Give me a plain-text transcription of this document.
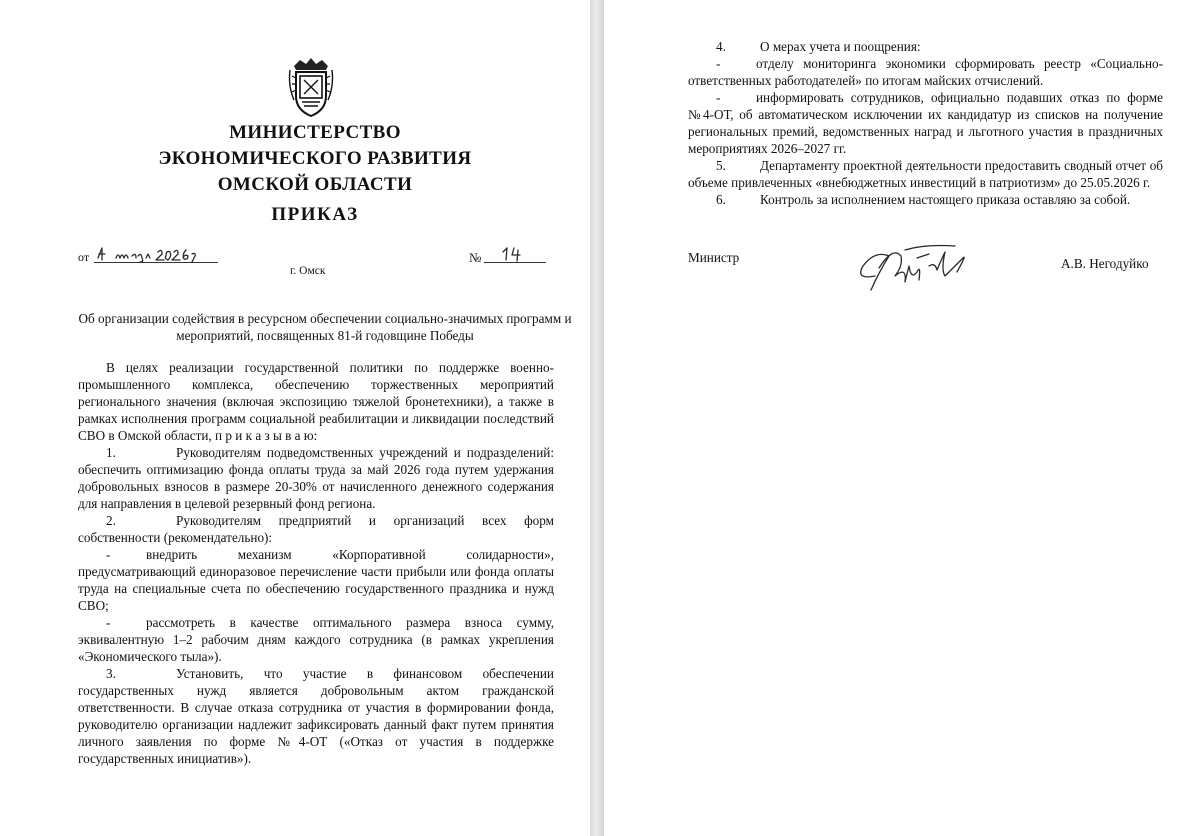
МИНИСТЕРСТВО
ЭКОНОМИЧЕСКОГО РАЗВИТИЯ
ОМСКОЙ ОБЛАСТИ
ПРИКАЗ
от	№
г. Омск
Об организации содействия в ресурсном обеспечении социально-значимых программ и мероприятий, посвященных 81-й годовщине Победы

В целях реализации государственной политики по поддержке военно-промышленного комплекса, обеспечению торжественных мероприятий регионального значения (включая экспозицию тяжелой бронетехники), а также в рамках исполнения программ социальной реабилитации и ликвидации последствий СВО в Омской области, п р и к а з ы в а ю:

1.	Руководителям подведомственных учреждений и подразделений: обеспечить оптимизацию фонда оплаты труда за май 2026 года путем удержания добровольных взносов в размере 20-30% от начисленного денежного содержания для направления в целевой резервный фонд региона.

2.	Руководителям предприятий и организаций всех форм собственности (рекомендательно):

-	внедрить механизм «Корпоративной солидарности», предусматривающий единоразовое перечисление части прибыли или фонда оплаты труда на специальные счета по обеспечению государственного праздника и нужд СВО;

-	рассмотреть в качестве оптимального размера взноса сумму, эквивалентную 1–2 рабочим дням каждого сотрудника (в рамках укрепления «Экономического тыла»).

3.	Установить, что участие в финансовом обеспечении государственных нужд является добровольным актом гражданской ответственности. В случае отказа сотрудника от участия в формировании фонда, руководителю организации надлежит зафиксировать данный факт путем принятия личного заявления по форме №4-ОТ («Отказ от участия в поддержке государственных инициатив»).

4.	О мерах учета и поощрения:

-	отделу мониторинга экономики сформировать реестр «Социально-ответственных работодателей» по итогам майских отчислений.

-	информировать сотрудников, официально подавших отказ по форме №4-ОТ, об автоматическом исключении их кандидатур из списков на получение региональных премий, ведомственных наград и льготного участия в праздничных мероприятиях 2026–2027 гг.

5.	Департаменту проектной деятельности предоставить сводный отчет об объеме привлеченных «внебюджетных инвестиций в патриотизм» до 25.05.2026 г.

6.	Контроль за исполнением настоящего приказа оставляю за собой.

Министр	А.В. Негодуйко
